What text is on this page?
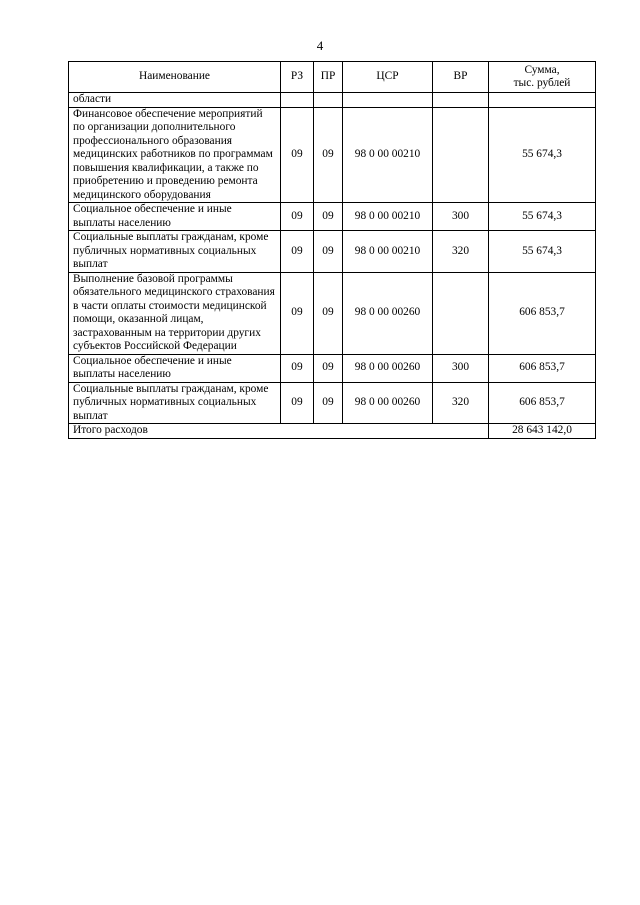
4
Наименование	РЗ	ПР	ЦСР	ВР	Сумма,
тыс. рублей

области					
Финансовое обеспечение мероприятий по организации дополнительного профессионального образования медицинских работников по программам повышения квалификации, а также по приобретению и проведению ремонта медицинского оборудования	09	09	98 0 00 00210		55 674,3
Социальное обеспечение и иные выплаты населению	09	09	98 0 00 00210	300	55 674,3
Социальные выплаты гражданам, кроме публичных нормативных социальных выплат	09	09	98 0 00 00210	320	55 674,3
Выполнение базовой программы обязательного медицинского страхования в части оплаты стоимости медицинской помощи, оказанной лицам, застрахованным на территории других субъектов Российской Федерации	09	09	98 0 00 00260		606 853,7
Социальное обеспечение и иные выплаты населению	09	09	98 0 00 00260	300	606 853,7
Социальные выплаты гражданам, кроме публичных нормативных социальных выплат	09	09	98 0 00 00260	320	606 853,7
Итого расходов					28 643 142,0
